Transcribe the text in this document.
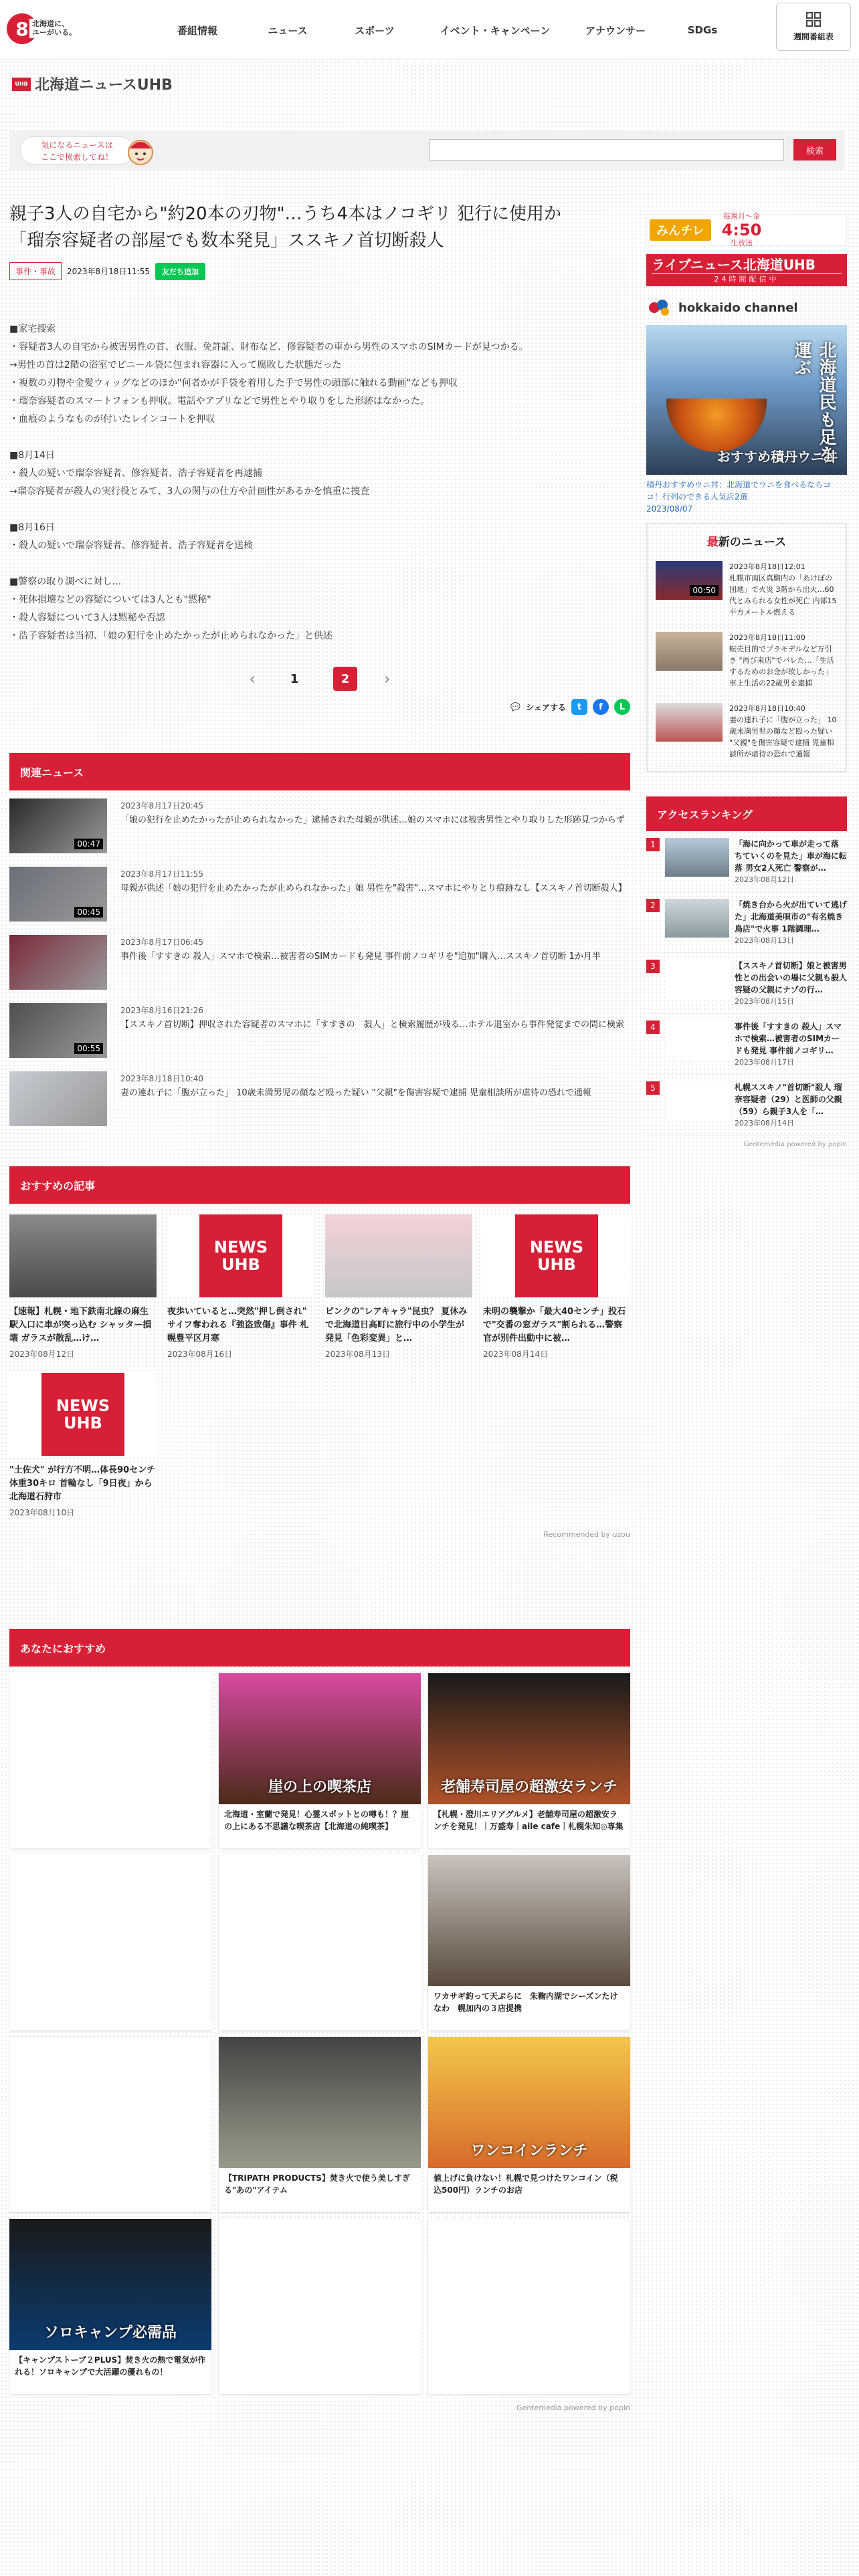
8 北海道に、
ユーがいる。	番組情報	ニュース	スポーツ	イベント・キャンペーン	アナウンサー	SDGs
週間番組表
UHB 北海道ニュースUHB
気になるニュースは
ここで検索してね！
検索
親子3人の自宅から"約20本の刃物"…うち4本はノコギリ 犯行に使用か
「瑠奈容疑者の部屋でも数本発見」ススキノ首切断殺人
事件・事故	2023年8月18日11:55	友だち追加

■家宅捜索

・容疑者3人の自宅から被害男性の首、衣服、免許証、財布など、修容疑者の車から男性のスマホのSIMカードが見つかる。

→男性の首は2階の浴室でビニール袋に包まれ容器に入って腐敗した状態だった

・複数の刃物や金髪ウィッグなどのほか"何者かが手袋を着用した手で男性の頭部に触れる動画"なども押収

・瑠奈容疑者のスマートフォンも押収。電話やアプリなどで男性とやり取りをした形跡はなかった。

・血痕のようなものが付いたレインコートを押収

■8月14日

・殺人の疑いで瑠奈容疑者、修容疑者、浩子容疑者を再逮捕

→瑠奈容疑者が殺人の実行役とみて、3人の関与の仕方や計画性があるかを慎重に捜査

■8月16日

・殺人の疑いで瑠奈容疑者、修容疑者、浩子容疑者を送検

■警察の取り調べに対し…

・死体損壊などの容疑については3人とも"黙秘"

・殺人容疑について3人は黙秘や否認

・浩子容疑者は当初、「娘の犯行を止めたかったが止められなかった」と供述

‹	1	2	›
💬 シェアする	t	f	L
関連ニュース
00:47
2023年8月17日20:45
「娘の犯行を止めたかったが止められなかった」逮捕された母親が供述…娘のスマホには被害男性とやり取りした形跡見つからず
00:45
2023年8月17日11:55
母親が供述「娘の犯行を止めたかったが止められなかった」娘 男性を"殺害"…スマホにやりとり痕跡なし【ススキノ首切断殺人】
2023年8月17日06:45
事件後「すすきの 殺人」スマホで検索…被害者のSIMカードも発見 事件前ノコギリを"追加"購入…ススキノ首切断 1か月半
00:55
2023年8月16日21:26
【ススキノ首切断】押収された容疑者のスマホに「すすきの　殺人」と検索履歴が残る…ホテル退室から事件発覚までの間に検索
2023年8月18日10:40
妻の連れ子に「腹が立った」 10歳未満男児の顔など殴った疑い "父親"を傷害容疑で逮捕 児童相談所が虐待の恐れで通報
おすすめの記事
【速報】札幌・地下鉄南北線の麻生駅入口に車が突っ込む シャッター損壊 ガラスが散乱…け…
2023年08月12日
NEWS
UHB
夜歩いていると…突然"押し倒され" サイフ奪われる『強盗致傷』事件 札幌豊平区月寒
2023年08月16日
ピンクの"レアキャラ"昆虫？ 夏休みで北海道日高町に旅行中の小学生が発見「色彩変異」と…
2023年08月13日
NEWS
UHB
未明の襲撃か「最大40センチ」投石で"交番の窓ガラス"割られる…警察官が別件出動中に被…
2023年08月14日
NEWS
UHB
"土佐犬" が行方不明…体長90センチ 体重30キロ 首輪なし「9日夜」から 北海道石狩市
2023年08月10日
Recommended by uzou
あなたにおすすめ
崖の上の喫茶店
北海道・室蘭で発見！心霊スポットとの噂も！？崖の上にある不思議な喫茶店【北海道の純喫茶】
老舗寿司屋の超激安ランチ
【札幌・澄川エリアグルメ】老舗寿司屋の超激安ランチを発見！｜万盛寿｜aile cafe｜札幌朱知◎専集
ワカサギ釣って天ぷらに　朱鞠内湖でシーズンたけなわ　幌加内の３店提携
【TRIPATH PRODUCTS】焚き火で使う美しすぎる"あの"アイテム
ワンコインランチ
値上げに負けない！札幌で見つけたワンコイン（税込500円）ランチのお店
ソロキャンプ必需品
【キャンプストーブ２PLUS】焚き火の熱で電気が作れる！ソロキャンプで大活躍の優れもの！
Gentemedia powered by popIn
みんチレ
毎週月～金
4:50
生放送
ライブニュース北海道UHB
24時間配信中
hokkaido channel
北海道民も足を運ぶ
おすすめ積丹ウニ丼
積丹おすすめウニ丼：北海道でウニを食べるならココ！行列のできる人気店2選
2023/08/07
最新のニュース
00:50
2023年8月18日12:01
札幌市南区真駒内の「あけぼの団地」で火災 3階から出火…60代とみられる女性が死亡 内部15平方メートル燃える
2023年8月18日11:00
転売目的でプラモデルなど万引き "再び来店"でバレた…「生活するためのお金が欲しかった」車上生活の22歳男を逮捕
2023年8月18日10:40
妻の連れ子に「腹が立った」 10歳未満男児の顔など殴った疑い "父親"を傷害容疑で逮捕 児童相談所が虐待の恐れで通報
アクセスランキング
1	「海に向かって車が走って落ちていくのを見た」車が海に転落 男女2人死亡 警察が…
2023年08月12日
2	「焼き台から火が出ていて逃げた」北海道美唄市の"有名焼き鳥店"で火事 1階調理…
2023年08月13日
3	【ススキノ首切断】娘と被害男性との出会いの場に父親も殺人容疑の父親にナゾの行…
2023年08月15日
4	事件後「すすきの 殺人」スマホで検索…被害者のSIMカードも発見 事件前ノコギリ…
2023年08月17日
5	札幌ススキノ"首切断"殺人 瑠奈容疑者（29）と医師の父親（59）ら親子3人を「…
2023年08月14日
Gentemedia powered by popIn
